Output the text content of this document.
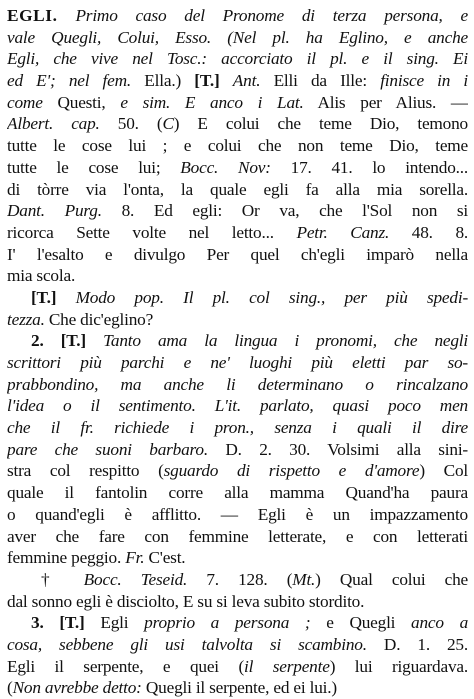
EGLI. Primo caso del Pronome di terza persona, e
vale Quegli, Colui, Esso. (Nel pl. ha Eglino, e anche
Egli, che vive nel Tosc.: accorciato il pl. e il sing. Ei
ed E'; nel fem. Ella.) [T.] Ant. Elli da Ille: finisce in i
come Questi, e sim. E anco i Lat. Alis per Alius. —
Albert. cap. 50. (C) E colui che teme Dio, temono
tutte le cose lui ; e colui che non teme Dio, teme
tutte le cose lui; Bocc. Nov: 17. 41. lo intendo...
di tòrre via l'onta, la quale egli fa alla mia sorella.
Dant. Purg. 8. Ed egli: Or va, che l'Sol non si
ricorca Sette volte nel letto... Petr. Canz. 48. 8.
I' l'esalto e divulgo Per quel ch'egli imparò nella
mia scola.
[T.] Modo pop. Il pl. col sing., per più spedi-
tezza. Che dic'eglino?
2. [T.] Tanto ama la lingua i pronomi, che negli
scrittori più parchi e ne' luoghi più eletti par so-
prabbondino, ma anche li determinano o rincalzano
l'idea o il sentimento. L'it. parlato, quasi poco men
che il fr. richiede i pron., senza i quali il dire
pare che suoni barbaro. D. 2. 30. Volsimi alla sini-
stra col respitto (sguardo di rispetto e d'amore) Col
quale il fantolin corre alla mamma Quand'ha paura
o quand'egli è afflitto. — Egli è un impazzamento
aver che fare con femmine letterate, e con letterati
femmine peggio. Fr. C'est.
† Bocc. Teseid. 7. 128. (Mt.) Qual colui che
dal sonno egli è disciolto, E su si leva subito stordito.
3. [T.] Egli proprio a persona ; e Quegli anco a
cosa, sebbene gli usi talvolta si scambino. D. 1. 25.
Egli il serpente, e quei (il serpente) lui riguardava.
(Non avrebbe detto: Quegli il serpente, ed ei lui.)
